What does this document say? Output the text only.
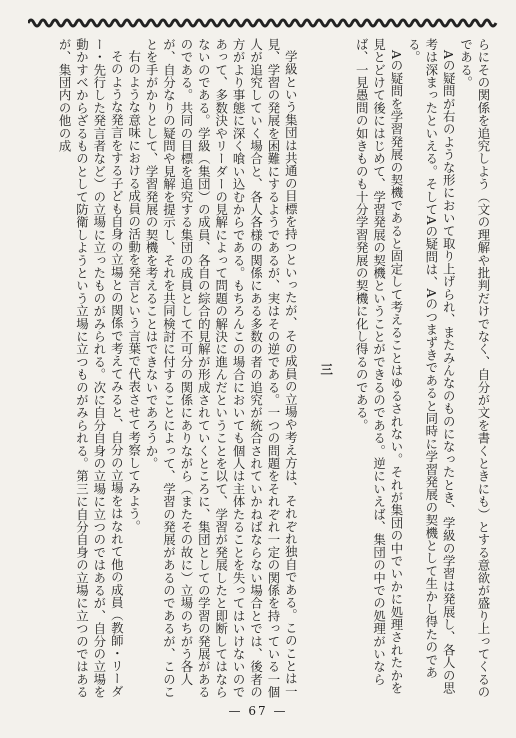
らにその関係を追究しよう（文の理解や批判だけでなく、自分が文を書くときにも）とする意欲が盛り上ってくるのである。

Aの疑問が右のような形において取り上げられ、またみんなのものになったとき、学級の学習は発展し、各人の思考は深まったといえる。そしてAの疑問は、Aのつまずきであると同時に学習発展の契機として生かし得たのである。

Aの疑問を学習発展の契機であると固定して考えることはゆるされない。それが集団の中でいかに処理されたかを見とどけて後にはじめて、学習発展の契機ということができるのである。逆にいえば、集団の中での処理がいならば、一見愚問の如きものも十分学習発展の契機に化し得るのである。

三

学級という集団は共通の目標を持つといったが、その成員の立場や考え方は、それぞれ独自である。このことは一見、学習の発展を困難にするようであるが、実はその逆である。一つの問題をそれぞれ一定の関係を持っている一個人が追究していく場合と、各人各様の関係にある多数の者の追究が統合されていかねばならない場合とでは、後者の方がより事態に深く喰い込むからである。もちろんこの場合においても個人は主体たることを失ってはいけないのであって、多数決やリーダーの見解によって問題の解決に進んだということを以て、学習が発展したと即断してはならないのである。学級（集団）の成員、各自の綜合的見解が形成されていくところに、集団としての学習の発展があるのである。共同の目標を追究する集団の成員として不可分の関係にありながら（またその故に）立場のちがう各人が、自分なりの疑問や見解を提示し、それを共同検討に付することによって、学習の発展があるのであるが、このことを手がかりとして、学習発展の契機を考えることはできないであろうか。

右のような意味における成員の活動を発言という言葉で代表させて考察してみよう。

そのような発言をする子ども自身の立場との関係で考えてみると、自分の立場をはなれて他の成員（教師・リーダー・先行した発言者など）の立場に立ったものがみられる。次に自分自身の立場に立つのではあるが、自分の立場を動かすべからざるものとして防衛しようという立場に立つものがみられる。第三に自分自身の立場に立つのではあるが、集団内の他の成

— 67 —
